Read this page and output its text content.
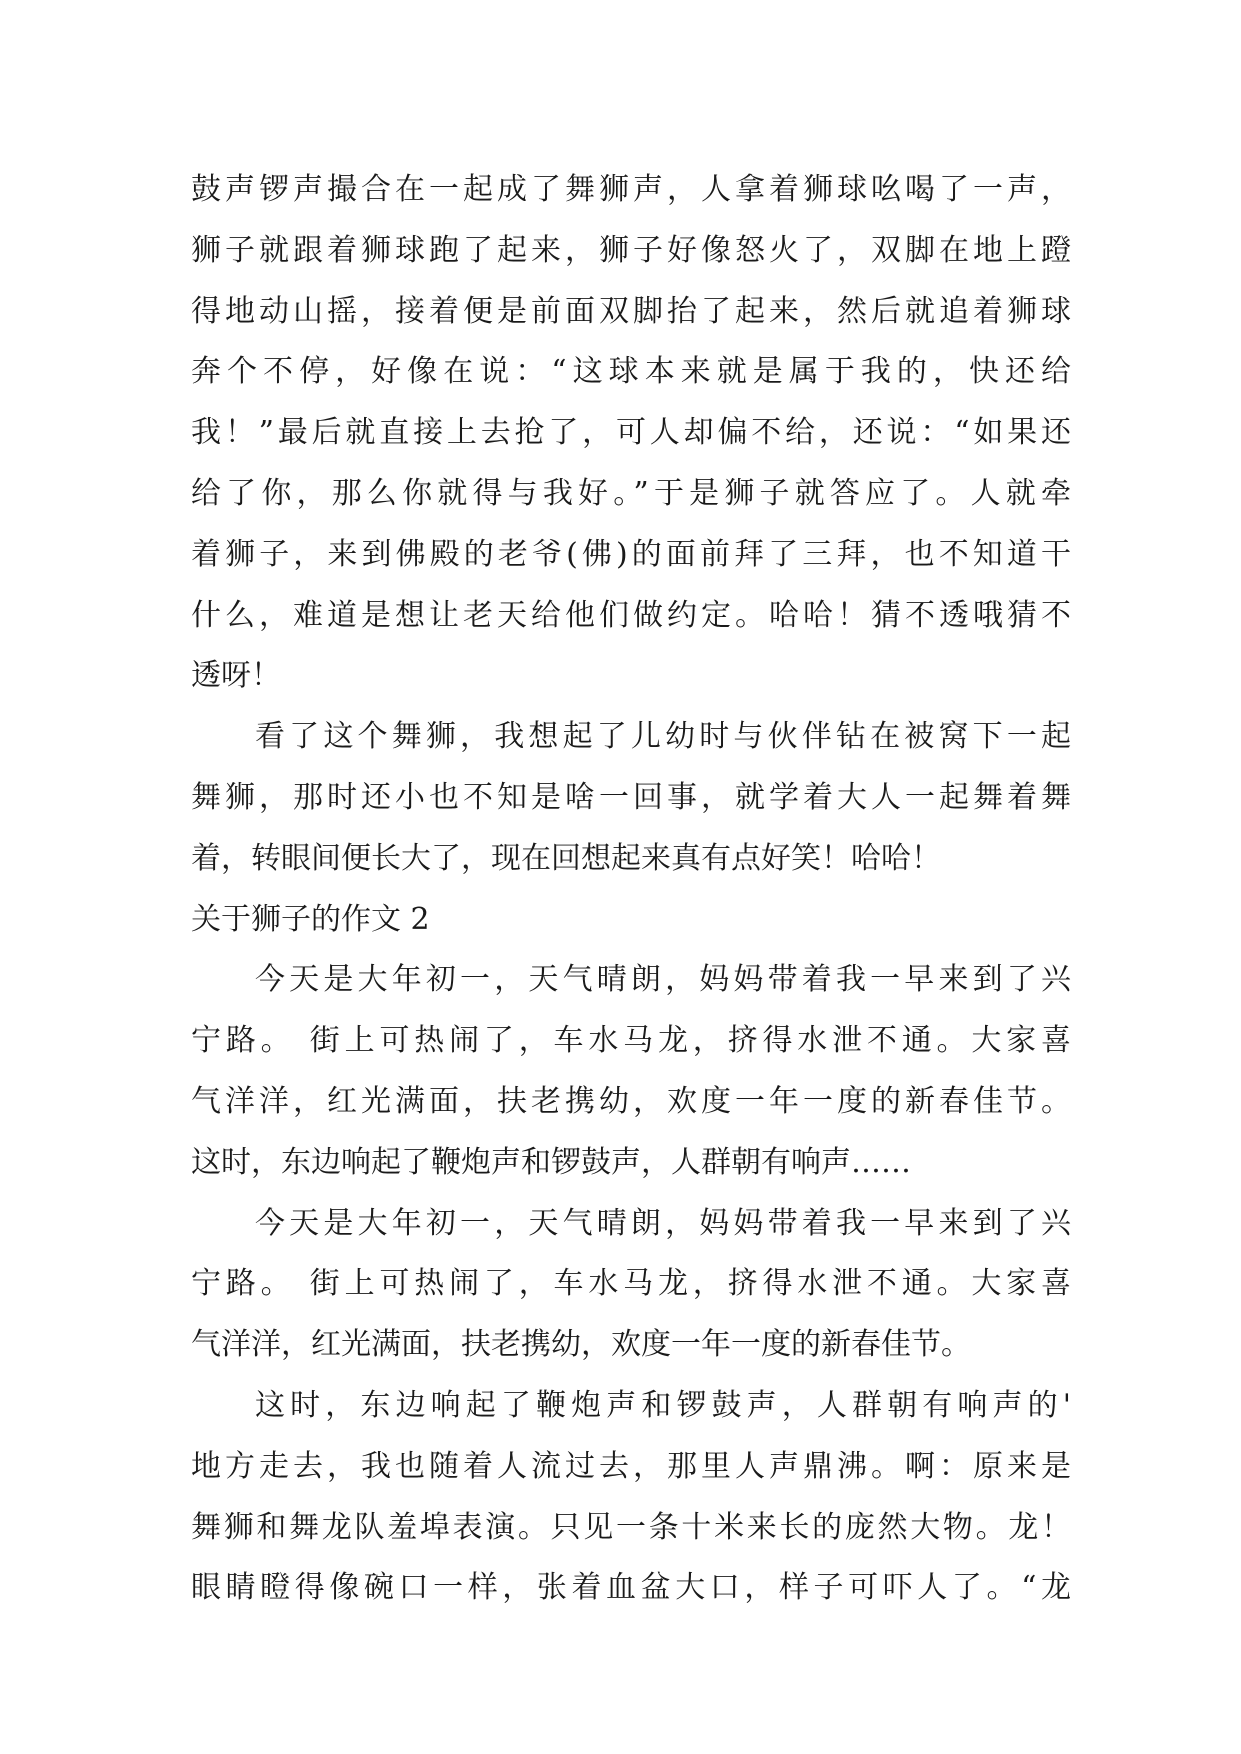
鼓声锣声撮合在一起成了舞狮声，人拿着狮球吆喝了一声，
狮子就跟着狮球跑了起来，狮子好像怒火了，双脚在地上蹬
得地动山摇，接着便是前面双脚抬了起来，然后就追着狮球
奔个不停，好像在说：“这球本来就是属于我的，快还给
我！”最后就直接上去抢了，可人却偏不给，还说：“如果还
给了你，那么你就得与我好。”于是狮子就答应了。人就牵
着狮子，来到佛殿的老爷(佛)的面前拜了三拜，也不知道干
什么，难道是想让老天给他们做约定。哈哈！猜不透哦猜不
透呀！
看了这个舞狮，我想起了儿幼时与伙伴钻在被窝下一起
舞狮，那时还小也不知是啥一回事，就学着大人一起舞着舞
着，转眼间便长大了，现在回想起来真有点好笑！哈哈！
关于狮子的作文 2
今天是大年初一，天气晴朗，妈妈带着我一早来到了兴
宁路。 街上可热闹了，车水马龙，挤得水泄不通。大家喜
气洋洋，红光满面，扶老携幼，欢度一年一度的新春佳节。
这时，东边响起了鞭炮声和锣鼓声，人群朝有响声……
今天是大年初一，天气晴朗，妈妈带着我一早来到了兴
宁路。 街上可热闹了，车水马龙，挤得水泄不通。大家喜
气洋洋，红光满面，扶老携幼，欢度一年一度的新春佳节。
这时，东边响起了鞭炮声和锣鼓声，人群朝有响声的'
地方走去，我也随着人流过去，那里人声鼎沸。啊：原来是
舞狮和舞龙队羞埠表演。只见一条十米来长的庞然大物。龙！
眼睛瞪得像碗口一样，张着血盆大口，样子可吓人了。“龙
